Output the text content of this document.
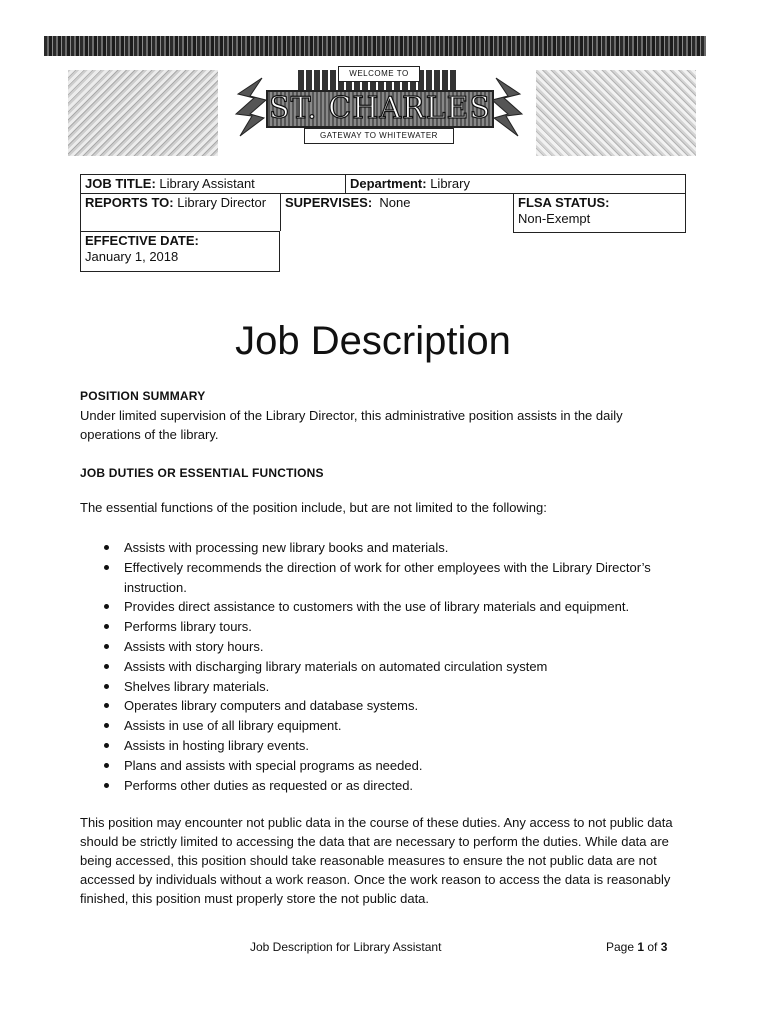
WELCOME TO
ST. CHARLES
GATEWAY TO WHITEWATER
JOB TITLE: Library Assistant	Department: Library
REPORTS TO: Library Director	SUPERVISES: None	FLSA STATUS:
Non-Exempt
EFFECTIVE DATE:
January 1, 2018
Job Description
POSITION SUMMARY
Under limited supervision of the Library Director, this administrative position assists in the daily operations of the library.
JOB DUTIES OR ESSENTIAL FUNCTIONS
The essential functions of the position include, but are not limited to the following:
Assists with processing new library books and materials.
Effectively recommends the direction of work for other employees with the Library Director’s instruction.
Provides direct assistance to customers with the use of library materials and equipment.
Performs library tours.
Assists with story hours.
Assists with discharging library materials on automated circulation system
Shelves library materials.
Operates library computers and database systems.
Assists in use of all library equipment.
Assists in hosting library events.
Plans and assists with special programs as needed.
Performs other duties as requested or as directed.
This position may encounter not public data in the course of these duties. Any access to not public data should be strictly limited to accessing the data that are necessary to perform the duties. While data are being accessed, this position should take reasonable measures to ensure the not public data are not accessed by individuals without a work reason. Once the work reason to access the data is reasonably finished, this position must properly store the not public data.
Job Description for Library Assistant	Page 1 of 3
